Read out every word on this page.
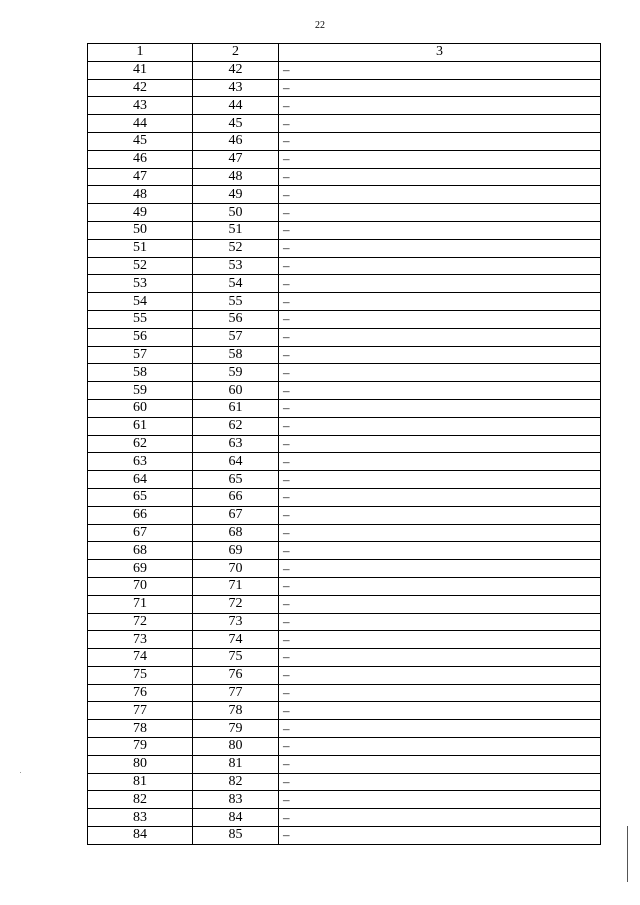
22
1	2	3
41	42	–
42	43	–
43	44	–
44	45	–
45	46	–
46	47	–
47	48	–
48	49	–
49	50	–
50	51	–
51	52	–
52	53	–
53	54	–
54	55	–
55	56	–
56	57	–
57	58	–
58	59	–
59	60	–
60	61	–
61	62	–
62	63	–
63	64	–
64	65	–
65	66	–
66	67	–
67	68	–
68	69	–
69	70	–
70	71	–
71	72	–
72	73	–
73	74	–
74	75	–
75	76	–
76	77	–
77	78	–
78	79	–
79	80	–
80	81	–
81	82	–
82	83	–
83	84	–
84	85	–
